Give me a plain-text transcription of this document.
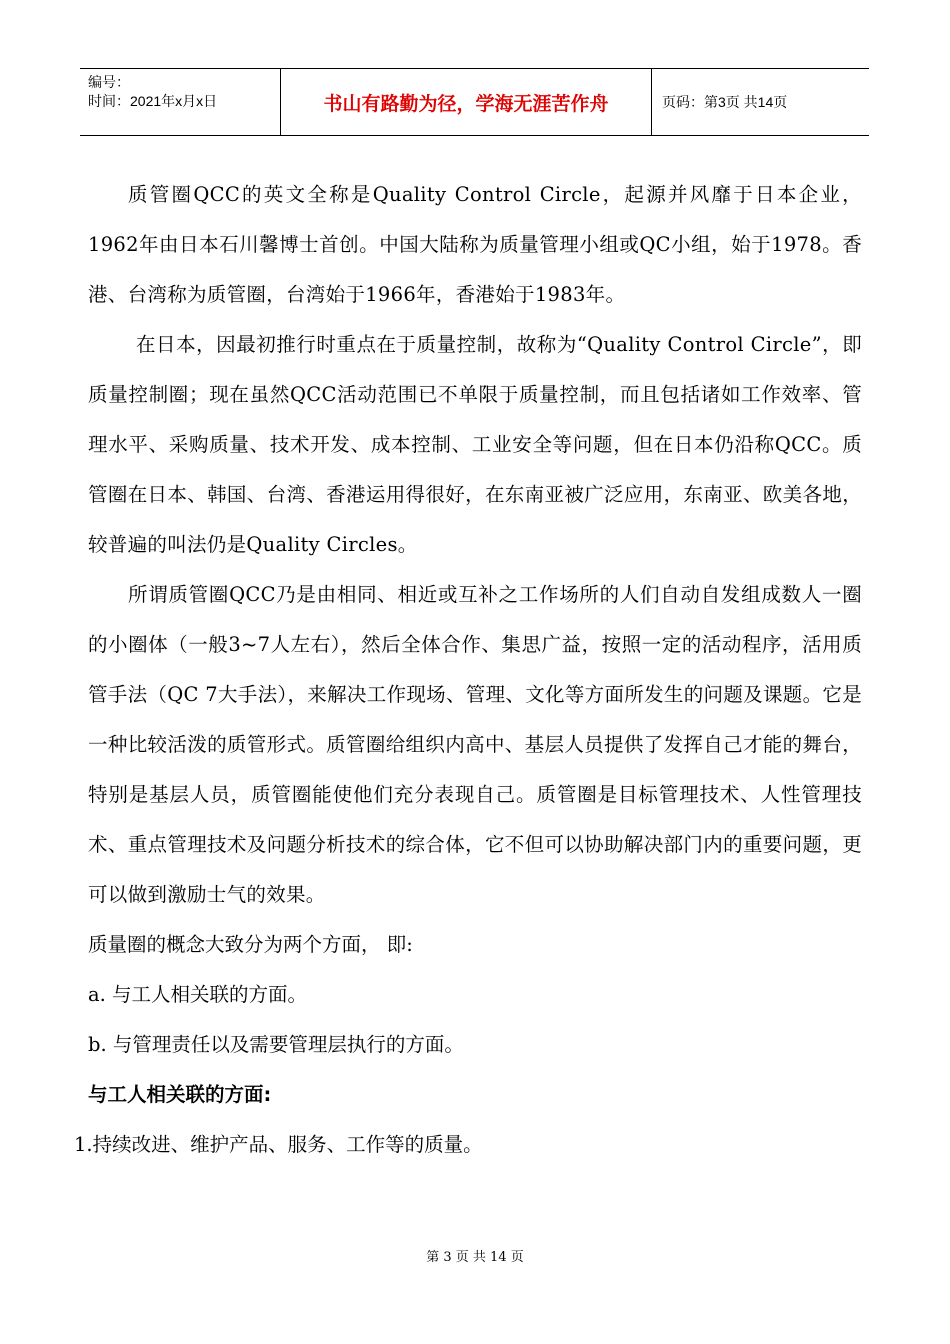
编号：
时间：2021年x月x日	书山有路勤为径，学海无涯苦作舟	页码：第3页 共14页

质管圈QCC的英文全称是Quality Control Circle，起源并风靡于日本企业，1962年由日本石川馨博士首创。中国大陆称为质量管理小组或QC小组，始于1978。香港、台湾称为质管圈，台湾始于1966年，香港始于1983年。

在日本，因最初推行时重点在于质量控制，故称为“Quality Control Circle”，即质量控制圈；现在虽然QCC活动范围已不单限于质量控制，而且包括诸如工作效率、管理水平、采购质量、技术开发、成本控制、工业安全等问题，但在日本仍沿称QCC。质管圈在日本、韩国、台湾、香港运用得很好，在东南亚被广泛应用，东南亚、欧美各地，较普遍的叫法仍是Quality Circles。

所谓质管圈QCC乃是由相同、相近或互补之工作场所的人们自动自发组成数人一圈的小圈体（一般3~7人左右），然后全体合作、集思广益，按照一定的活动程序，活用质管手法（QC 7大手法），来解决工作现场、管理、文化等方面所发生的问题及课题。它是一种比较活泼的质管形式。质管圈给组织内高中、基层人员提供了发挥自己才能的舞台，特别是基层人员，质管圈能使他们充分表现自己。质管圈是目标管理技术、人性管理技术、重点管理技术及问题分析技术的综合体，它不但可以协助解决部门内的重要问题，更可以做到激励士气的效果。

质量圈的概念大致分为两个方面， 即:

a. 与工人相关联的方面。

b. 与管理责任以及需要管理层执行的方面。

与工人相关联的方面:

1.持续改进、维护产品、服务、工作等的质量。

第 3 页 共 14 页
